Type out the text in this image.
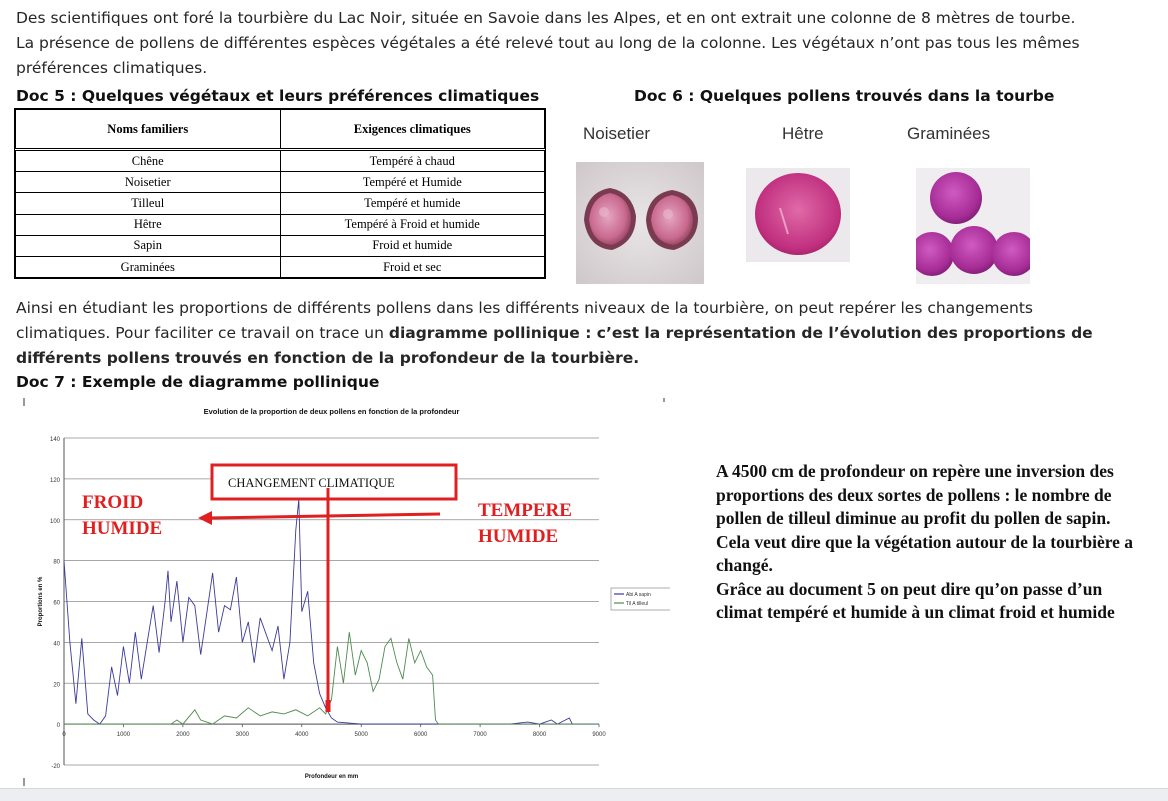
Des scientifiques ont foré la tourbière du Lac Noir, située en Savoie dans les Alpes, et en ont extrait une colonne de 8 mètres de tourbe.

La présence de pollens de différentes espèces végétales a été relevé tout au long de la colonne. Les végétaux n’ont pas tous les mêmes

préférences climatiques.

Doc 5 : Quelques végétaux et leurs préférences climatiques
Noms familiers	Exigences climatiques
Chêne	Tempéré à chaud
Noisetier	Tempéré et Humide
Tilleul	Tempéré et humide
Hêtre	Tempéré à Froid et humide
Sapin	Froid et humide
Graminées	Froid et sec
Doc 6 : Quelques pollens trouvés dans la tourbe
Noisetier	Hêtre	Graminées

Ainsi en étudiant les proportions de différents pollens dans les différents niveaux de la tourbière, on peut repérer les changements

climatiques. Pour faciliter ce travail on trace un diagramme pollinique : c’est la représentation de l’évolution des proportions de

différents pollens trouvés en fonction de la profondeur de la tourbière.

Doc 7 : Exemple de diagramme pollinique
-20
0
20
40
60
80
100
120
140
0	1000	2000	3000	4000	5000	6000	7000	8000	9000
Evolution de la proportion de deux pollens en fonction de la profondeur
Profondeur en mm
Proportions en %	Abi A sapin
Til A tilleul
CHANGEMENT CLIMATIQUE
FROID
HUMIDE
TEMPERE
HUMIDE

A 4500 cm de profondeur on repère une inversion des proportions des deux sortes de pollens : le nombre de pollen de tilleul diminue au profit du pollen de sapin.

Cela veut dire que la végétation autour de la tourbière a changé.

Grâce au document 5 on peut dire qu’on passe d’un climat tempéré et humide à un climat froid et humide
